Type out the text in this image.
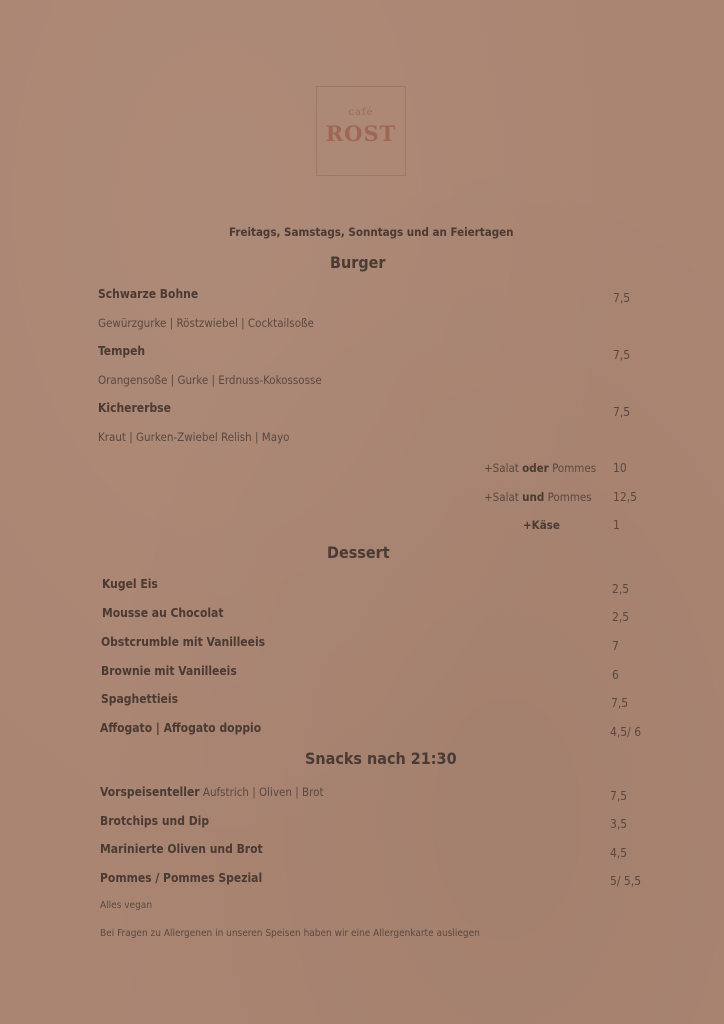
café
ROST
Freitags, Samstags, Sonntags und an Feiertagen
Burger
Schwarze Bohne	7,5
Gewürzgurke | Röstzwiebel | Cocktailsoße
Tempeh	7,5
Orangensoße | Gurke | Erdnuss-Kokossosse
Kichererbse	7,5
Kraut | Gurken-Zwiebel Relish | Mayo
+Salat oder Pommes 10
+Salat und Pommes 12,5
+Käse	1
Dessert
Kugel Eis	2,5
Mousse au Chocolat	2,5
Obstcrumble mit Vanilleeis	7
Brownie mit Vanilleeis	6
Spaghettieis	7,5
Affogato | Affogato doppio	4,5/ 6
Snacks nach 21:30
Vorspeisenteller Aufstrich | Oliven | Brot	7,5
Brotchips und Dip	3,5
Marinierte Oliven und Brot	4,5
Pommes / Pommes Spezial	5/ 5,5
Alles vegan
Bei Fragen zu Allergenen in unseren Speisen haben wir eine Allergenkarte ausliegen
